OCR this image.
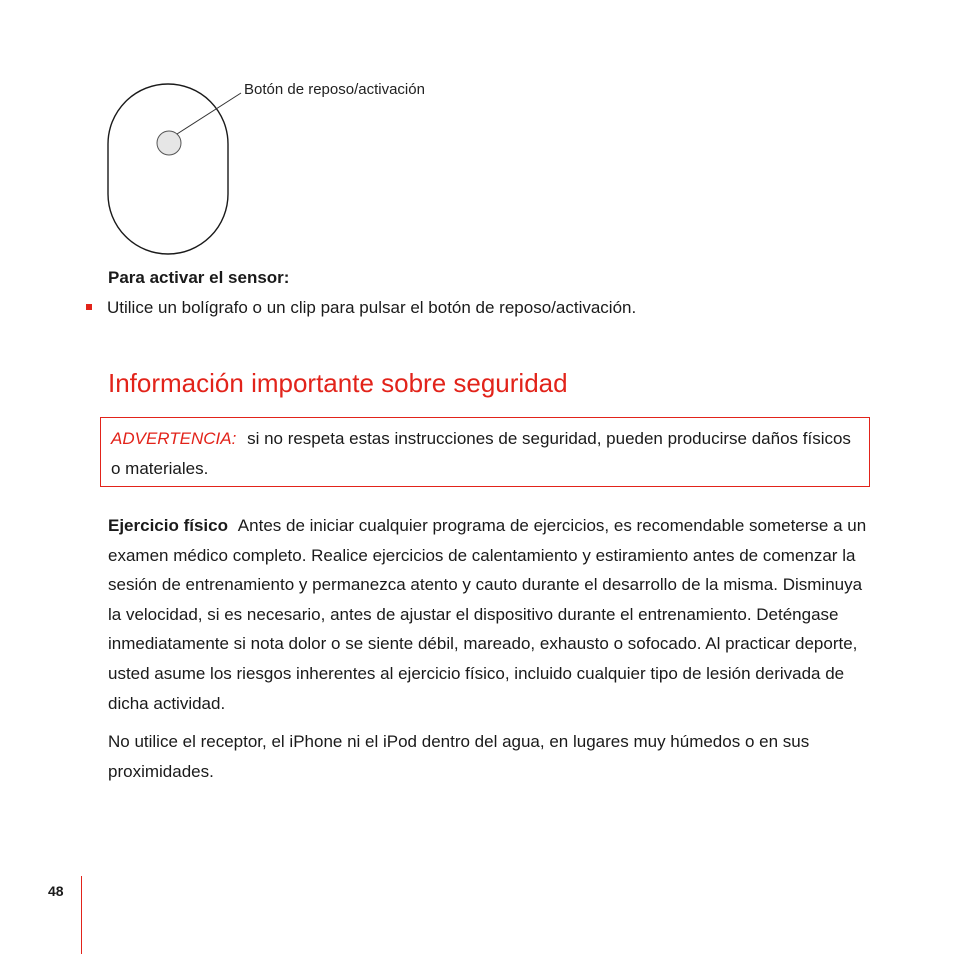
Botón de reposo/activación
Para activar el sensor:
Utilice un bolígrafo o un clip para pulsar el botón de reposo/activación.
Información importante sobre seguridad
ADVERTENCIA: si no respeta estas instrucciones de seguridad, pueden producirse daños físicos o materiales.

Ejercicio físico Antes de iniciar cualquier programa de ejercicios, es recomendable someterse a un examen médico completo. Realice ejercicios de calentamiento y estiramiento antes de comenzar la sesión de entrenamiento y permanezca atento y cauto durante el desarrollo de la misma. Disminuya la velocidad, si es necesario, antes de ajustar el dispositivo durante el entrenamiento. Deténgase inmediatamente si nota dolor o se siente débil, mareado, exhausto o sofocado. Al practicar deporte, usted asume los riesgos inherentes al ejercicio físico, incluido cualquier tipo de lesión derivada de dicha actividad.

No utilice el receptor, el iPhone ni el iPod dentro del agua, en lugares muy húmedos o en sus proximidades.

48
